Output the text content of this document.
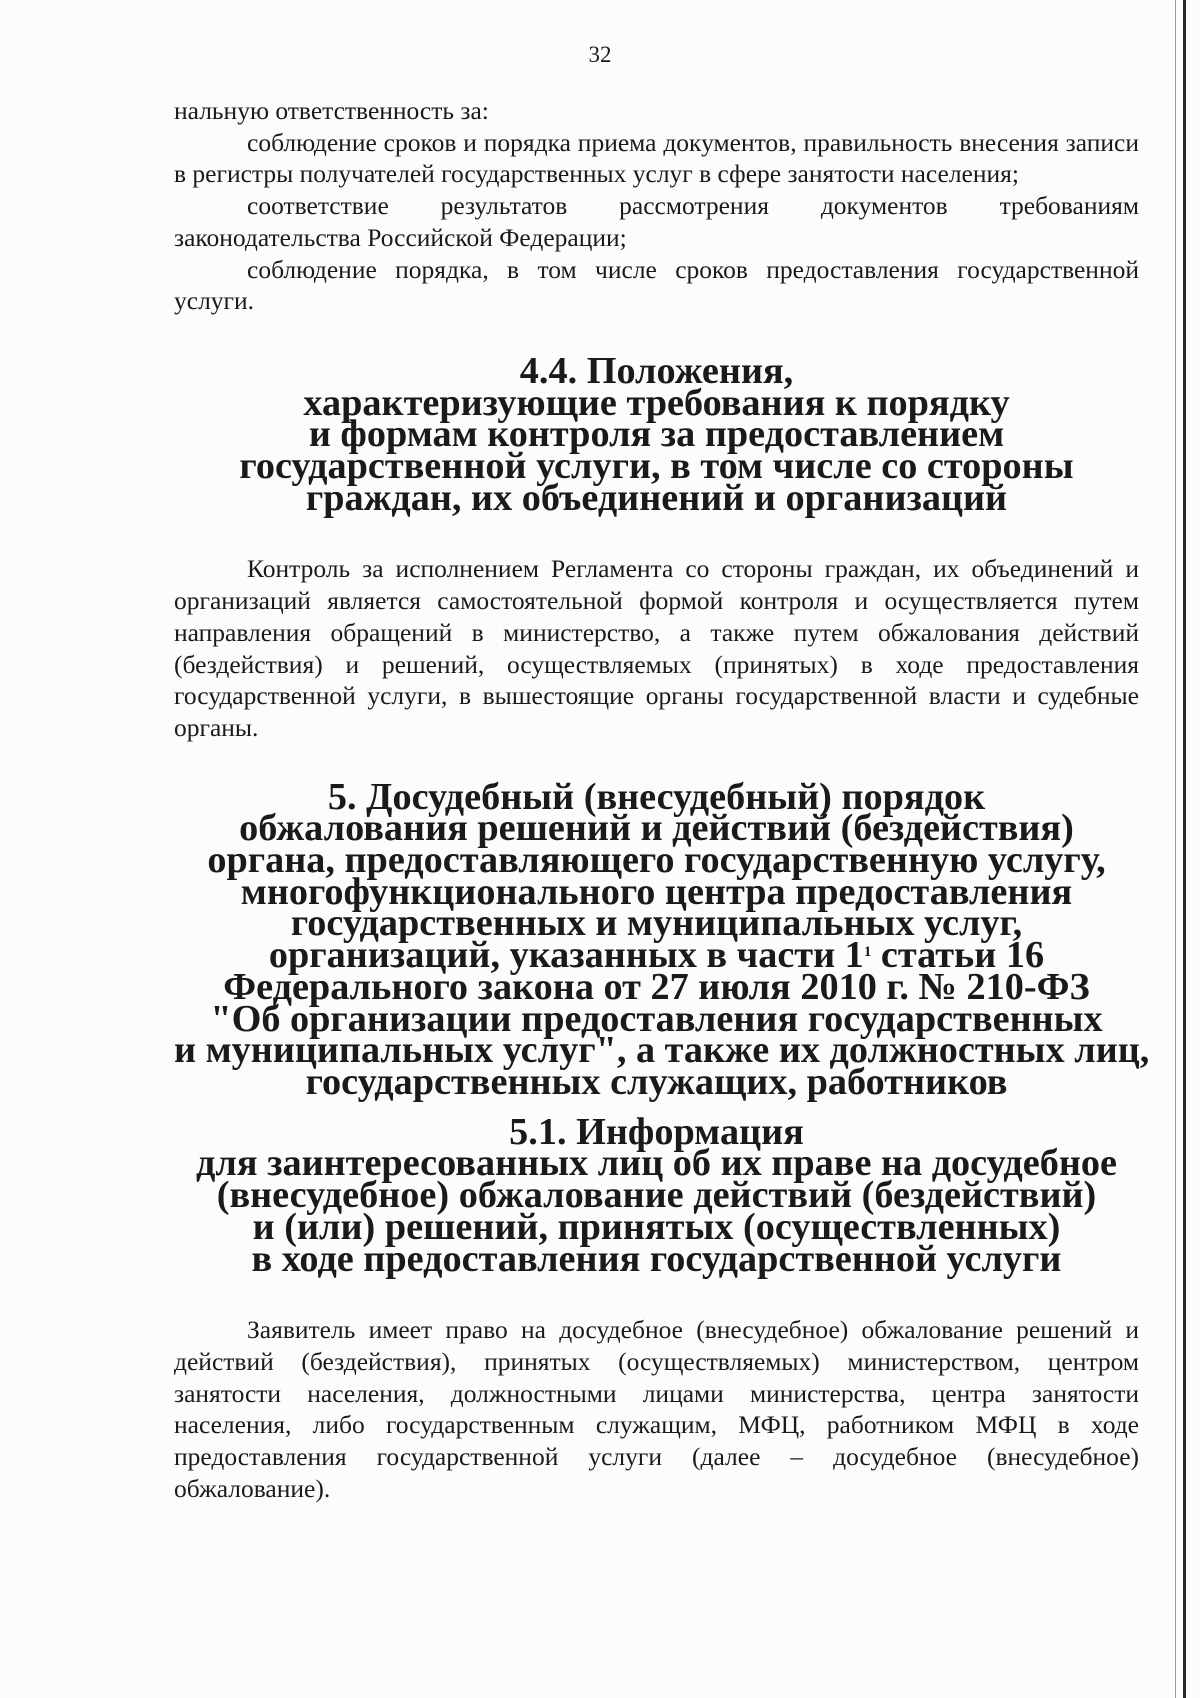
32

нальную ответственность за:

соблюдение сроков и порядка приема документов, правильность внесения записи в регистры получателей государственных услуг в сфере занятости населения;

соответствие результатов рассмотрения документов требованиям законодательства Российской Федерации;

соблюдение порядка, в том числе сроков предоставления государственной услуги.

4.4. Положения,
характеризующие требования к порядку
и формам контроля за предоставлением
государственной услуги, в том числе со стороны
граждан, их объединений и организаций

Контроль за исполнением Регламента со стороны граждан, их объединений и организаций является самостоятельной формой контроля и осуществляется путем направления обращений в министерство, а также путем обжалования действий (бездействия) и решений, осуществляемых (принятых) в ходе предоставления государственной услуги, в вышестоящие органы государственной власти и судебные органы.

5. Досудебный (внесудебный) порядок
обжалования решений и действий (бездействия)
органа, предоставляющего государственную услугу,
многофункционального центра предоставления
государственных и муниципальных услуг,
организаций, указанных в части $1^1$ статьи 16
Федерального закона от 27 июля 2010 г. № 210-ФЗ
"Об организации предоставления государственных
и муниципальных услуг", а также их должностных лиц,
государственных служащих, работников
5.1. Информация
для заинтересованных лиц об их праве на досудебное
(внесудебное) обжалование действий (бездействий)
и (или) решений, принятых (осуществленных)
в ходе предоставления государственной услуги

Заявитель имеет право на досудебное (внесудебное) обжалование решений и действий (бездействия), принятых (осуществляемых) министерством, центром занятости населения, должностными лицами министерства, центра занятости населения, либо государственным служащим, МФЦ, работником МФЦ в ходе предоставления государственной услуги (далее – досудебное (внесудебное) обжалование).
